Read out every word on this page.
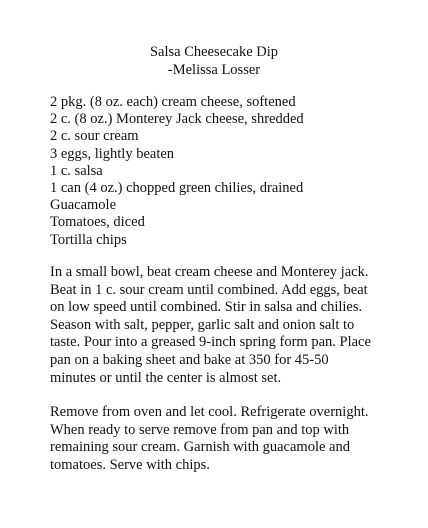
Salsa Cheesecake Dip
-Melissa Losser
2 pkg. (8 oz. each) cream cheese, softened
2 c. (8 oz.) Monterey Jack cheese, shredded
2 c. sour cream
3 eggs, lightly beaten
1 c. salsa
1 can (4 oz.) chopped green chilies, drained
Guacamole
Tomatoes, diced
Tortilla chips

In a small bowl, beat cream cheese and Monterey jack.
Beat in 1 c. sour cream until combined. Add eggs, beat
on low speed until combined. Stir in salsa and chilies.
Season with salt, pepper, garlic salt and onion salt to
taste. Pour into a greased 9-inch spring form pan. Place
pan on a baking sheet and bake at 350 for 45-50
minutes or until the center is almost set.

Remove from oven and let cool. Refrigerate overnight.
When ready to serve remove from pan and top with
remaining sour cream. Garnish with guacamole and
tomatoes. Serve with chips.
